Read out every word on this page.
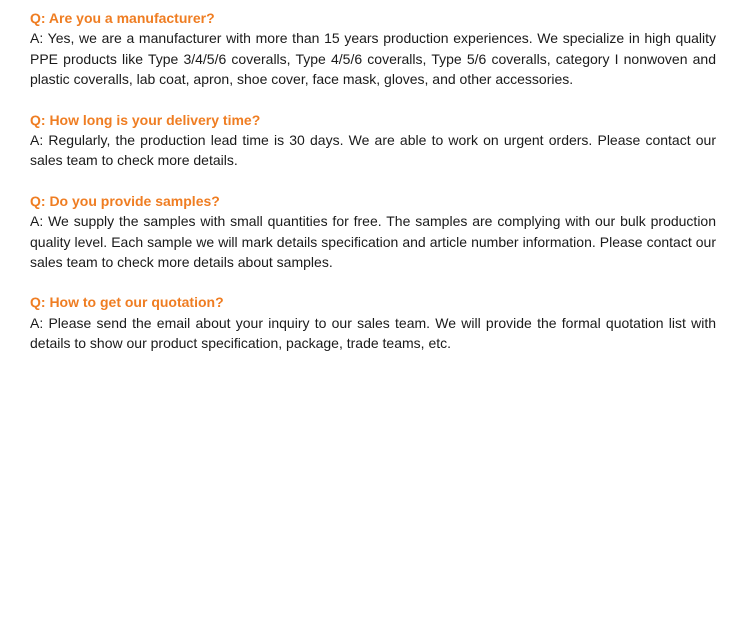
Q: Are you a manufacturer?

A: Yes, we are a manufacturer with more than 15 years production experiences. We specialize in high quality PPE products like Type 3/4/5/6 coveralls, Type 4/5/6 coveralls, Type 5/6 coveralls, category I nonwoven and plastic coveralls, lab coat, apron, shoe cover, face mask, gloves, and other accessories.

Q: How long is your delivery time?

A: Regularly, the production lead time is 30 days. We are able to work on urgent orders. Please contact our sales team to check more details.

Q: Do you provide samples?

A: We supply the samples with small quantities for free. The samples are complying with our bulk production quality level. Each sample we will mark details specification and article number information. Please contact our sales team to check more details about samples.

Q: How to get our quotation?

A: Please send the email about your inquiry to our sales team. We will provide the formal quotation list with details to show our product specification, package, trade teams, etc.
